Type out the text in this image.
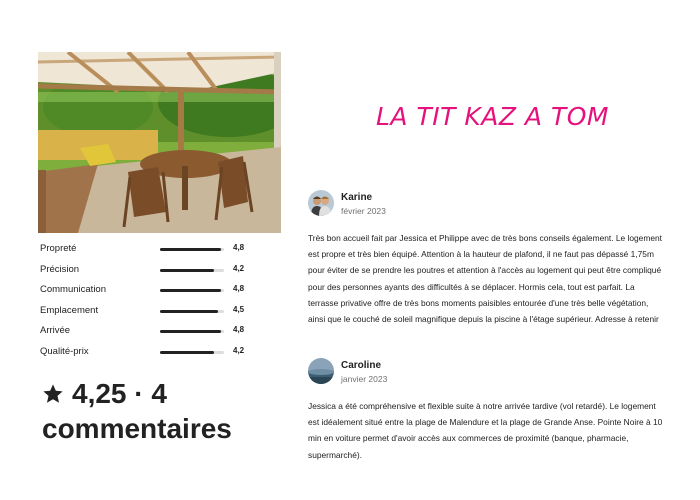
Propreté	4,8
Précision	4,2
Communication	4,8
Emplacement	4,5
Arrivée	4,8
Qualité-prix	4,2
4,25 · 4
commentaires
LA TIT KAZ A TOM
Karine
février 2023

Très bon accueil fait par Jessica et Philippe avec de très bons conseils également. Le logement est propre et très bien équipé. Attention à la hauteur de plafond, il ne faut pas dépassé 1,75m pour éviter de se prendre les poutres et attention à l'accès au logement qui peut être compliqué pour des personnes ayants des difficultés à se déplacer. Hormis cela, tout est parfait. La terrasse privative offre de très bons moments paisibles entourée d'une très belle végétation, ainsi que le couché de soleil magnifique depuis la piscine à l'étage supérieur. Adresse à retenir

Caroline
janvier 2023

Jessica a été compréhensive et flexible suite à notre arrivée tardive (vol retardé). Le logement est idéalement situé entre la plage de Malendure et la plage de Grande Anse. Pointe Noire à 10 min en voiture permet d'avoir accès aux commerces de proximité (banque, pharmacie, supermarché).
